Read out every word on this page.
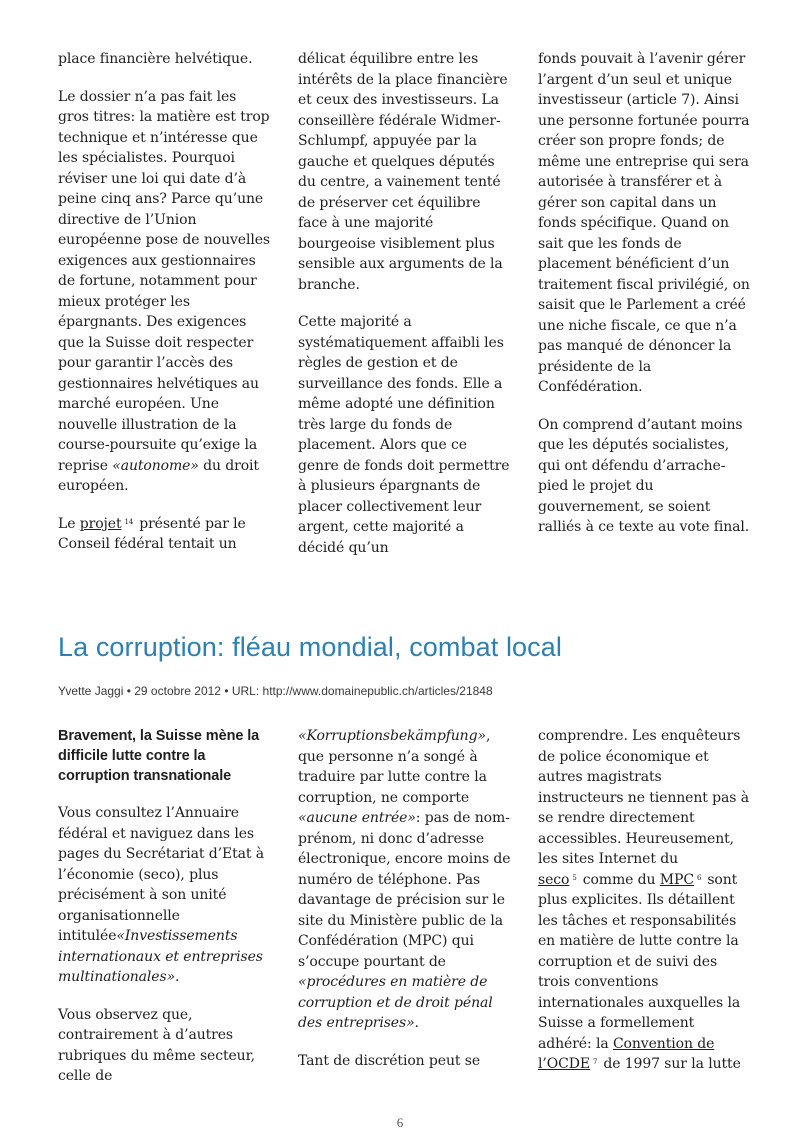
place financière helvétique.

Le dossier n’a pas fait les gros titres: la matière est trop technique et n’intéresse que les spécialistes. Pourquoi réviser une loi qui date d’à peine cinq ans? Parce qu’une directive de l’Union européenne pose de nouvelles exigences aux gestionnaires de fortune, notamment pour mieux protéger les épargnants. Des exigences que la Suisse doit respecter pour garantir l’accès des gestionnaires helvétiques au marché européen. Une nouvelle illustration de la course-poursuite qu’exige la reprise «autonome» du droit européen.

Le projet $^{14}$ présenté par le Conseil fédéral tentait un

délicat équilibre entre les intérêts de la place financière et ceux des investisseurs. La conseillère fédérale Widmer-Schlumpf, appuyée par la gauche et quelques députés du centre, a vainement tenté de préserver cet équilibre face à une majorité bourgeoise visiblement plus sensible aux arguments de la branche.

Cette majorité a systématiquement affaibli les règles de gestion et de surveillance des fonds. Elle a même adopté une définition très large du fonds de placement. Alors que ce genre de fonds doit permettre à plusieurs épargnants de placer collectivement leur argent, cette majorité a décidé qu’un

fonds pouvait à l’avenir gérer l’argent d’un seul et unique investisseur (article 7). Ainsi une personne fortunée pourra créer son propre fonds; de même une entreprise qui sera autorisée à transférer et à gérer son capital dans un fonds spécifique. Quand on sait que les fonds de placement bénéficient d’un traitement fiscal privilégié, on saisit que le Parlement a créé une niche fiscale, ce que n’a pas manqué de dénoncer la présidente de la Confédération.

On comprend d’autant moins que les députés socialistes, qui ont défendu d’arrache-pied le projet du gouvernement, se soient ralliés à ce texte au vote final.

La corruption: fléau mondial, combat local
Yvette Jaggi • 29 octobre 2012 • URL: http://www.domainepublic.ch/articles/21848

Bravement, la Suisse mène la difficile lutte contre la corruption transnationale

Vous consultez l’Annuaire fédéral et naviguez dans les pages du Secrétariat d’Etat à l’économie (seco), plus précisément à son unité organisationnelle intitulée«Investissements internationaux et entreprises multinationales».

Vous observez que, contrairement à d’autres rubriques du même secteur, celle de

«Korruptionsbekämpfung», que personne n’a songé à traduire par lutte contre la corruption, ne comporte «aucune entrée»: pas de nom-prénom, ni donc d’adresse électronique, encore moins de numéro de téléphone. Pas davantage de précision sur le site du Ministère public de la Confédération (MPC) qui s’occupe pourtant de «procédures en matière de corruption et de droit pénal des entreprises».

Tant de discrétion peut se

comprendre. Les enquêteurs de police économique et autres magistrats instructeurs ne tiennent pas à se rendre directement accessibles. Heureusement, les sites Internet du seco $^5$ comme du MPC $^6$ sont plus explicites. Ils détaillent les tâches et responsabilités en matière de lutte contre la corruption et de suivi des trois conventions internationales auxquelles la Suisse a formellement adhéré: la Convention de l’OCDE $^7$ de 1997 sur la lutte

6
